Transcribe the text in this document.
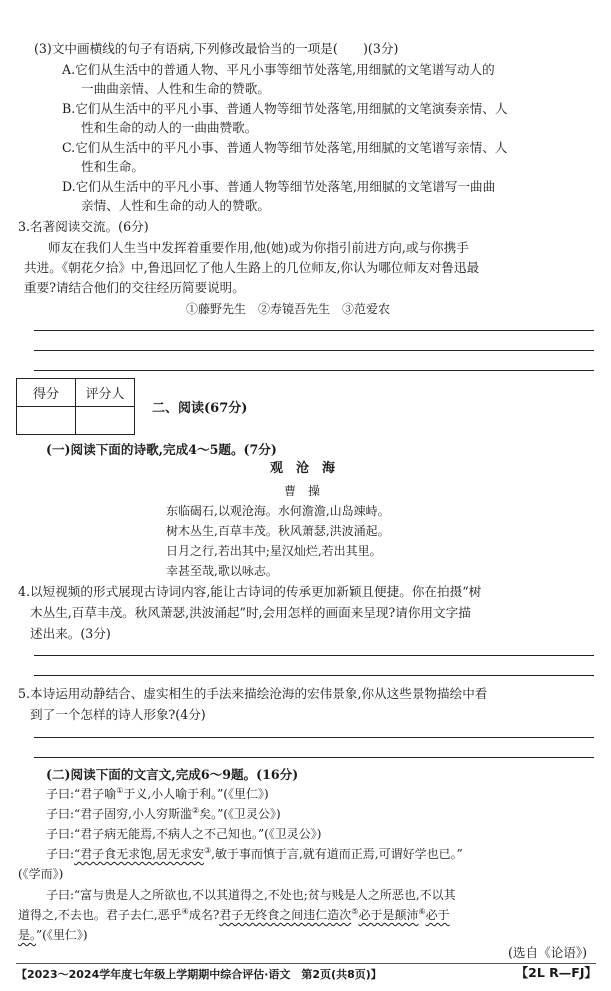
(3)文中画横线的句子有语病,下列修改最恰当的一项是(　　)(3分)
A.它们从生活中的普通人物、平凡小事等细节处落笔,用细腻的文笔谱写动人的
一曲曲亲情、人性和生命的赞歌。
B.它们从生活中的平凡小事、普通人物等细节处落笔,用细腻的文笔演奏亲情、人
性和生命的动人的一曲曲赞歌。
C.它们从生活中的平凡小事、普通人物等细节处落笔,用细腻的文笔谱写亲情、人
性和生命。
D.它们从生活中的平凡小事、普通人物等细节处落笔,用细腻的文笔谱写一曲曲
亲情、人性和生命的动人的赞歌。
3.名著阅读交流。(6分)
师友在我们人生当中发挥着重要作用,他(她)或为你指引前进方向,或与你携手
共进。《朝花夕拾》中,鲁迅回忆了他人生路上的几位师友,你认为哪位师友对鲁迅最
重要?请结合他们的交往经历简要说明。
①藤野先生　②寿镜吾先生　③范爱农
得分	评分人

二、阅读(67分)
(一)阅读下面的诗歌,完成4～5题。(7分)
观　沧　海
曹　操
东临碣石,以观沧海。水何澹澹,山岛竦峙。
树木丛生,百草丰茂。秋风萧瑟,洪波涌起。
日月之行,若出其中;星汉灿烂,若出其里。
幸甚至哉,歌以咏志。
4.以短视频的形式展现古诗词内容,能让古诗词的传承更加新颖且便捷。你在拍摄“树
木丛生,百草丰茂。秋风萧瑟,洪波涌起”时,会用怎样的画面来呈现?请你用文字描
述出来。(3分)
5.本诗运用动静结合、虚实相生的手法来描绘沧海的宏伟景象,你从这些景物描绘中看
到了一个怎样的诗人形象?(4分)
(二)阅读下面的文言文,完成6～9题。(16分)
子曰:“君子喻①于义,小人喻于利。”(《里仁》)
子曰:“君子固穷,小人穷斯滥②矣。”(《卫灵公》)
子曰:“君子病无能焉,不病人之不己知也。”(《卫灵公》)
子曰:“君子食无求饱,居无求安③,敏于事而慎于言,就有道而正焉,可谓好学也已。”
(《学而》)
子曰:“富与贵是人之所欲也,不以其道得之,不处也;贫与贱是人之所恶也,不以其
道得之,不去也。君子去仁,恶乎④成名?君子无终食之间违仁造次⑤必于是颠沛⑥必于
是。”(《里仁》)
(选自《论语》)
【2023～2024学年度七年级上学期期中综合评估·语文　第2页(共8页)】	【2L R—FJ】
